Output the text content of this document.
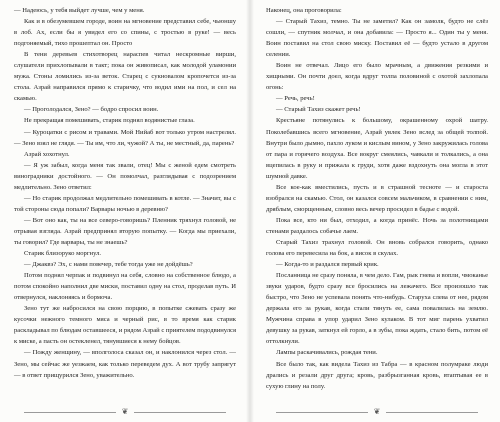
— Надеюсь, у тебя выйдет лучше, чем у меня.

Как и в обезумевшем городе, воин на мгновение представил себе, чьюншу в лоб. Ах, если бы я увидел его со спины, с тростью в руке! — весь подгоняемый, тихо прошептал он. Просто

В тени деревьев стихотворец нараспев читал нескромные вирши, слушатели прихлопывали в такт; пока он живописал, как молодой уламонии мужа. Стоны ломились из-за веток. Старец с сукновалом кропочется из-за стола. Азрай направился прямо к старичку, что водил ими на пол, и сел на скамью.

— Проголодался, Зено? — бодро спросил воин.

Не прекращая помешивать, старик поднял водянистые глаза.

— Куроцатки с рисом и травами. Мой Нийаб вот только утром настрелял. — Зено взял не глядя. — Ты им, что ли, чужой? А ты, не местный, да, парень?

Азрай хохотнул.

— Я уж забыл, когда меня так звали, отец! Мы с женой едем смотреть виноградники достойного. — Он помолчал, разглядывая с подозрением медлительно. Зено ответил:

— Но старик продолжал медлительно помешивать в котле. — Значит, вы с той стороны сюда попали? Варвары ночью в деревню?

— Вот оно как, ты на все северо-говоришь? Пленник тряхнул головой, не отрывая взгляда. Азрай предпринял вторую попытку. — Когда мы приехали, ты говорил? Где варвары, ты не знаешь?

Старик близоруко моргнул.

— Джаквэ? Эх, с нами повечер, тебе тогда уже не дойдёшь?

Потом поднял черпак и подвинул на себя, словно на собственное блюдо, а потом спокойно наполнил две миски, поставил одну на стол, проделав путь. И отвернулся, наклоняясь и бормоча.

Зено тут же набросился на свою порцию, в попытке сжевать сразу же кусочки нежного темного мяса и черный рис, в то время как старик раскладывал по блюдам оставшееся, и рядом Азрай с приятелем пододвинулся к миске, а пасть он остекленел, тянувшиеся к нему бойцов.

— Пожду женщину, — вполголоса сказал он, и наклонился через стол. — Зено, мы сейчас же уезжаем, как только переведем дух. А вот трубу запрягут — в ответ прищурился Зено, уважительно.

❦

Наконец, она проговорила:

— Старый Тахиз, темно. Ты не заметил? Как он замолк, будто не слёз сошли, — спутник молчал, и она добавила: — Просто я... Один ты у меня. Воин поставил на стол свою миску. Поставил её — будто устало в другом селении.

Воин не отвечал. Лицо его было мрачным, а движения резкими и хищными. Он почти доел, когда вдруг толпа половиной с охотой захлопала огонь:

— Речь, речь!

— Старый Тахиз скажет речь!

Крестьяне потянулись к большому, окрашенному охрой шатру. Поколебавшись всего мгновение, Азрай увлек Зено вслед за общей толпой. Внутри было дымно, пахло луком и кислым вином, у Зено закружилась голова от пара и горячего воздуха. Все вокруг смеялись, чавкали и толкались, а она вцепилась в руку и прижала к груди, хотя даже вздохнуть она могла в этот шумной давке.

Все кое-как вместились, пусть и в страшной тесноте — и староста взобрался на скамью. Стол, он казался совсем мальчиком, в сравнении с ним, дряблым, сморщенным, словно весь вечер просидел в бадье с водой.

Пока все, кто ни был, отходил, а когда принёс. Ночь за полотнищами стенами раздалось собачье лаем.

Старый Тахиз трахнул головой. Он вновь собрался говорить, однако голова его перевесила на бок, а висок в скулах.

— Когда-то и раздался первый крик.

Посланница не сразу поняла, в чем дело. Гам, рык гнева и вопли, чмоканье звуки ударов, будто сразу все бросились на лежачего. Все произошло так быстро, что Зено не успевала понять что-нибудь. Старуха слева от нее, рядом держала его за рукав, когда стали тянуть ее, сама повалилась на землю. Мужчина справа в упор ударил Зено кулаком. В тот миг парень ухватил девушку за рукав, заткнул ей горло, а в зубы, пока ждать, стало бить, потом её оттолкнули.

Лампы раскачивались, рождая тени.

Все было так, как видела Тахиз из Табра — в красном полумраке люди дрались и резали друг друга; кровь, разбрызганная кровь, втаптывая ее в сухую глину на полу.

❦
